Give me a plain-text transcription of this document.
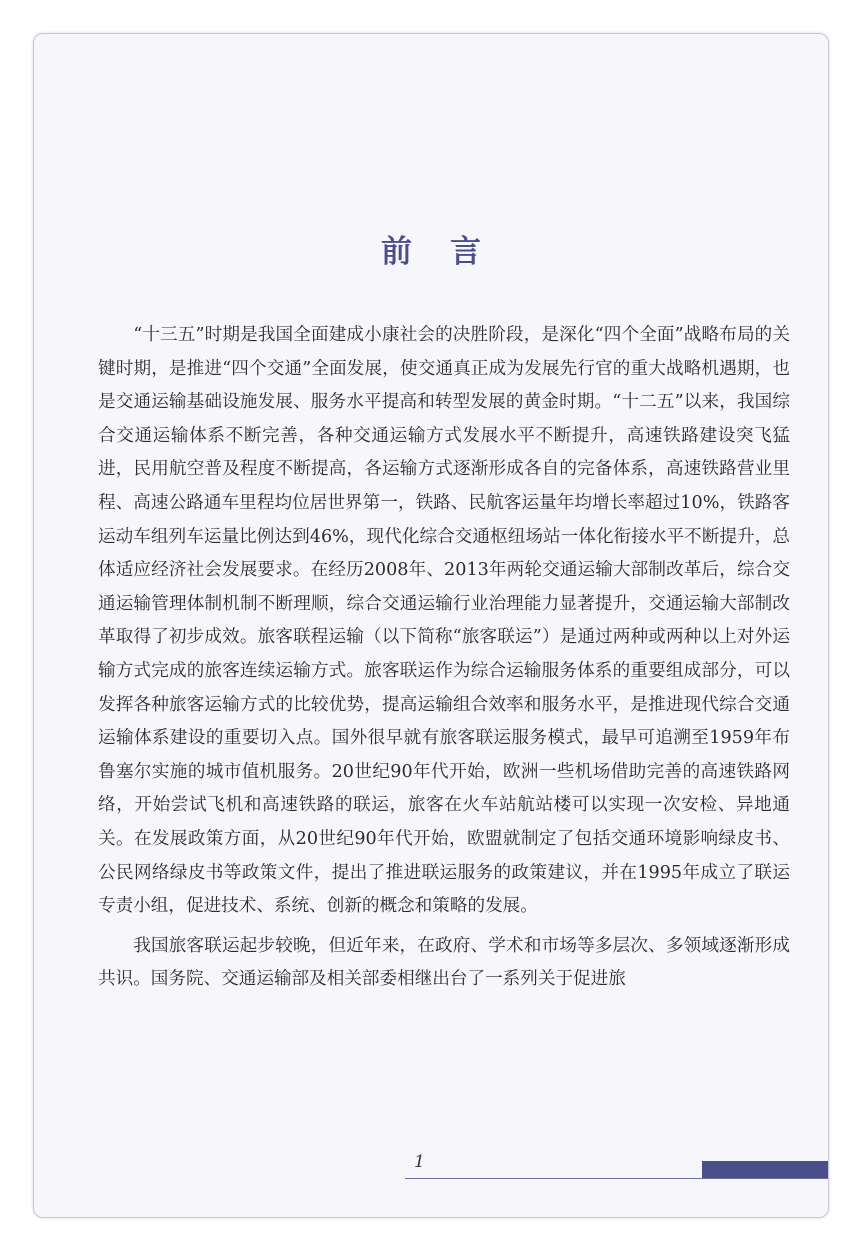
前言

“十三五”时期是我国全面建成小康社会的决胜阶段，是深化“四个全面”战略布局的关键时期，是推进“四个交通”全面发展，使交通真正成为发展先行官的重大战略机遇期，也是交通运输基础设施发展、服务水平提高和转型发展的黄金时期。“十二五”以来，我国综合交通运输体系不断完善，各种交通运输方式发展水平不断提升，高速铁路建设突飞猛进，民用航空普及程度不断提高，各运输方式逐渐形成各自的完备体系，高速铁路营业里程、高速公路通车里程均位居世界第一，铁路、民航客运量年均增长率超过10%，铁路客运动车组列车运量比例达到46%，现代化综合交通枢纽场站一体化衔接水平不断提升，总体适应经济社会发展要求。在经历2008年、2013年两轮交通运输大部制改革后，综合交通运输管理体制机制不断理顺，综合交通运输行业治理能力显著提升，交通运输大部制改革取得了初步成效。旅客联程运输（以下简称“旅客联运”）是通过两种或两种以上对外运输方式完成的旅客连续运输方式。旅客联运作为综合运输服务体系的重要组成部分，可以发挥各种旅客运输方式的比较优势，提高运输组合效率和服务水平，是推进现代综合交通运输体系建设的重要切入点。国外很早就有旅客联运服务模式，最早可追溯至1959年布鲁塞尔实施的城市值机服务。20世纪90年代开始，欧洲一些机场借助完善的高速铁路网络，开始尝试飞机和高速铁路的联运，旅客在火车站航站楼可以实现一次安检、异地通关。在发展政策方面，从20世纪90年代开始，欧盟就制定了包括交通环境影响绿皮书、公民网络绿皮书等政策文件，提出了推进联运服务的政策建议，并在1995年成立了联运专责小组，促进技术、系统、创新的概念和策略的发展。

我国旅客联运起步较晚，但近年来，在政府、学术和市场等多层次、多领域逐渐形成共识。国务院、交通运输部及相关部委相继出台了一系列关于促进旅

1
